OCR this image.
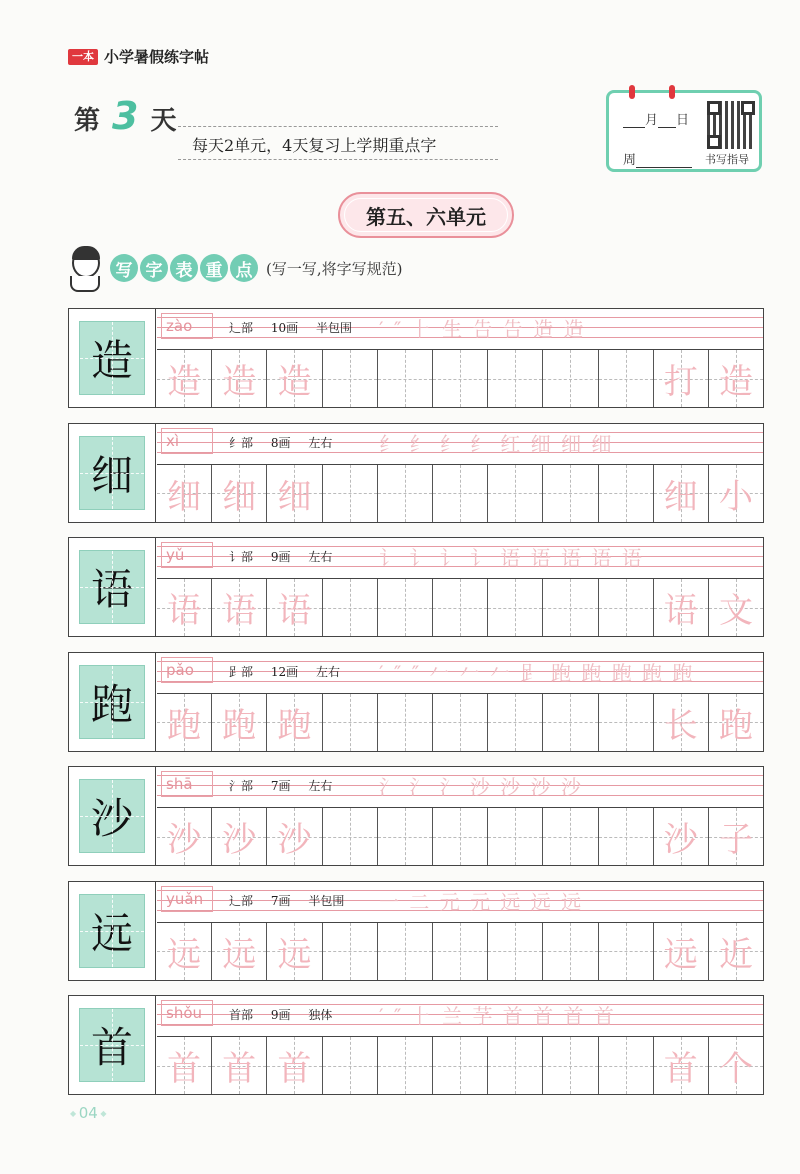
一本 小学暑假练字帖
第 3 天
每天2单元，4天复习上学期重点字
月 日
周	书写指导
第五、六单元
写 字 表 重 点 (写一写,将字写规范)
造
zào	辶部 10画 半包围	′ ″ ⺊ 生 告 告 造 造
造 造 造	打 造
细
xì	纟部 8画 左右	纟 纟 纟 纟 红 细 细 细
细 细 细	细 小
语
yǔ	讠部 9画 左右	讠 讠 讠 讠 语 语 语 语 语
语 语 语	语 文
跑
pǎo	𧾷部 12画 左右	′ ″ ″ 𠂉 𠂉 𠂉 𧾷 跑 跑 跑 跑 跑
跑 跑 跑	长 跑
沙
shā	氵部 7画 左右	氵 氵 氵 沙 沙 沙 沙
沙 沙 沙	沙 子
远
yuǎn	辶部 7画 半包围	⼀ 二 元 元 远 远 远
远 远 远	远 近
首
shǒu	首部 9画 独体	′ ″ ⺊ 兰 芓 首 首 首 首
首 首 首	首 个
◆ 04 ◆
